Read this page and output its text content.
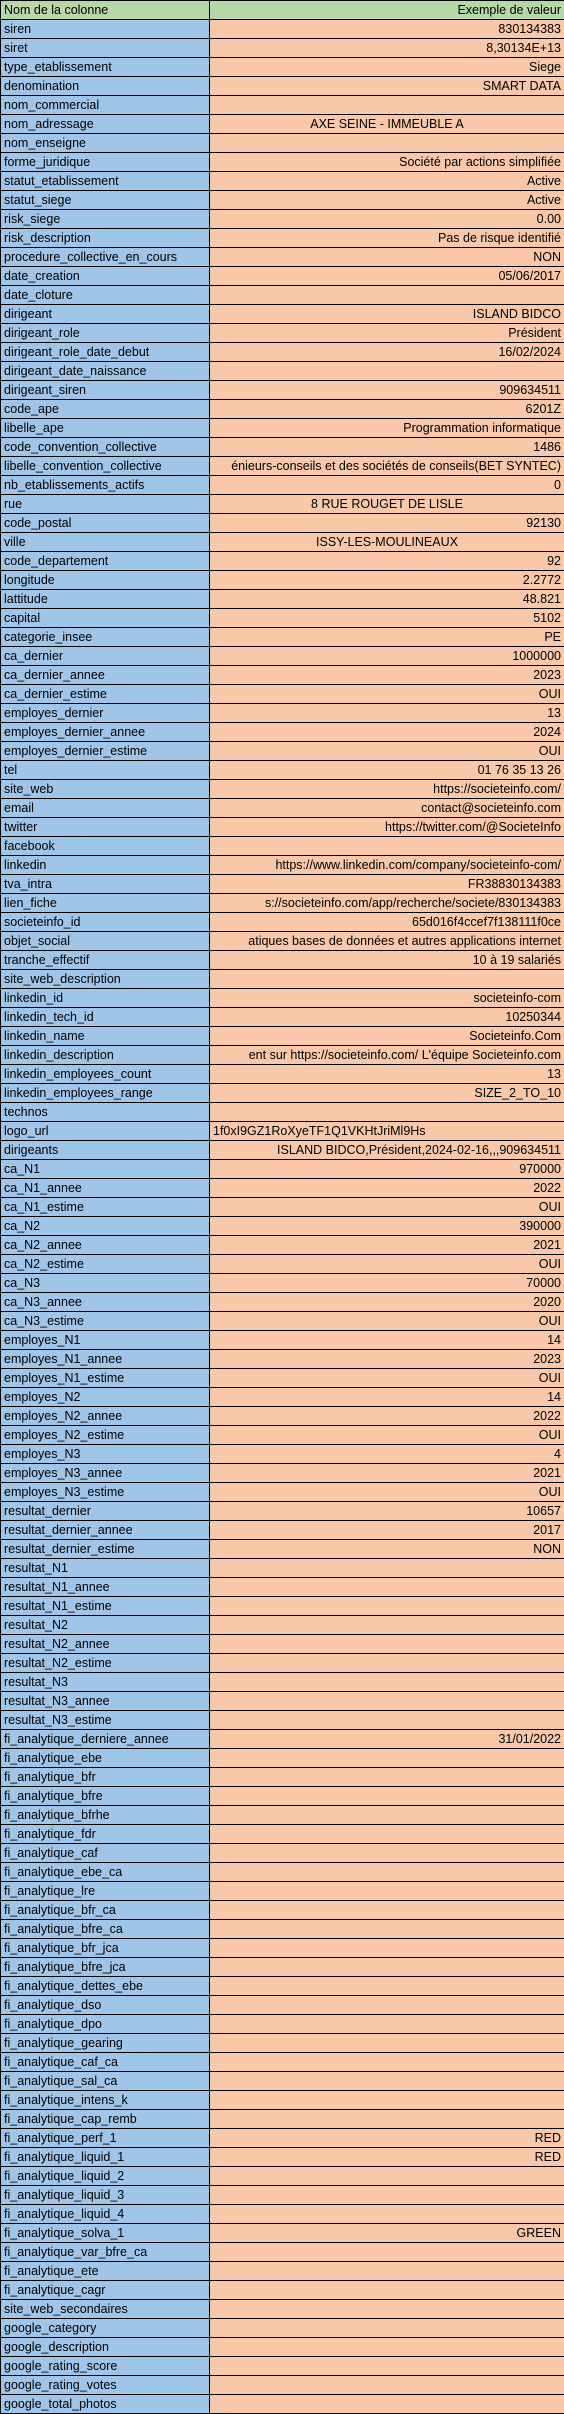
Nom de la colonne	Exemple de valeur
siren	830134383
siret	8,30134E+13
type_etablissement	Siege
denomination	SMART DATA
nom_commercial	
nom_adressage	AXE SEINE - IMMEUBLE A
nom_enseigne	
forme_juridique	Société par actions simplifiée
statut_etablissement	Active
statut_siege	Active
risk_siege	0.00
risk_description	Pas de risque identifié
procedure_collective_en_cours	NON
date_creation	05/06/2017
date_cloture	
dirigeant	ISLAND BIDCO
dirigeant_role	Président
dirigeant_role_date_debut	16/02/2024
dirigeant_date_naissance	
dirigeant_siren	909634511
code_ape	6201Z
libelle_ape	Programmation informatique
code_convention_collective	1486
libelle_convention_collective	énieurs-conseils et des sociétés de conseils(BET SYNTEC)
nb_etablissements_actifs	0
rue	8 RUE ROUGET DE LISLE
code_postal	92130
ville	ISSY-LES-MOULINEAUX
code_departement	92
longitude	2.2772
lattitude	48.821
capital	5102
categorie_insee	PE
ca_dernier	1000000
ca_dernier_annee	2023
ca_dernier_estime	OUI
employes_dernier	13
employes_dernier_annee	2024
employes_dernier_estime	OUI
tel	01 76 35 13 26
site_web	https://societeinfo.com/
email	contact@societeinfo.com
twitter	https://twitter.com/@SocieteInfo
facebook	
linkedin	https://www.linkedin.com/company/societeinfo-com/
tva_intra	FR38830134383
lien_fiche	s://societeinfo.com/app/recherche/societe/830134383
societeinfo_id	65d016f4ccef7f138111f0ce
objet_social	atiques bases de données et autres applications internet
tranche_effectif	10 à 19 salariés
site_web_description	
linkedin_id	societeinfo-com
linkedin_tech_id	10250344
linkedin_name	Societeinfo.Com
linkedin_description	ent sur https://societeinfo.com/ L'équipe Societeinfo.com
linkedin_employees_count	13
linkedin_employees_range	SIZE_2_TO_10
technos	
logo_url	1f0xI9GZ1RoXyeTF1Q1VKHtJriMl9Hs
dirigeants	ISLAND BIDCO,Président,2024-02-16,,,909634511
ca_N1	970000
ca_N1_annee	2022
ca_N1_estime	OUI
ca_N2	390000
ca_N2_annee	2021
ca_N2_estime	OUI
ca_N3	70000
ca_N3_annee	2020
ca_N3_estime	OUI
employes_N1	14
employes_N1_annee	2023
employes_N1_estime	OUI
employes_N2	14
employes_N2_annee	2022
employes_N2_estime	OUI
employes_N3	4
employes_N3_annee	2021
employes_N3_estime	OUI
resultat_dernier	10657
resultat_dernier_annee	2017
resultat_dernier_estime	NON
resultat_N1	
resultat_N1_annee	
resultat_N1_estime	
resultat_N2	
resultat_N2_annee	
resultat_N2_estime	
resultat_N3	
resultat_N3_annee	
resultat_N3_estime	
fi_analytique_derniere_annee	31/01/2022
fi_analytique_ebe	
fi_analytique_bfr	
fi_analytique_bfre	
fi_analytique_bfrhe	
fi_analytique_fdr	
fi_analytique_caf	
fi_analytique_ebe_ca	
fi_analytique_lre	
fi_analytique_bfr_ca	
fi_analytique_bfre_ca	
fi_analytique_bfr_jca	
fi_analytique_bfre_jca	
fi_analytique_dettes_ebe	
fi_analytique_dso	
fi_analytique_dpo	
fi_analytique_gearing	
fi_analytique_caf_ca	
fi_analytique_sal_ca	
fi_analytique_intens_k	
fi_analytique_cap_remb	
fi_analytique_perf_1	RED
fi_analytique_liquid_1	RED
fi_analytique_liquid_2	
fi_analytique_liquid_3	
fi_analytique_liquid_4	
fi_analytique_solva_1	GREEN
fi_analytique_var_bfre_ca	
fi_analytique_ete	
fi_analytique_cagr	
site_web_secondaires	
google_category	
google_description	
google_rating_score	
google_rating_votes	
google_total_photos	
